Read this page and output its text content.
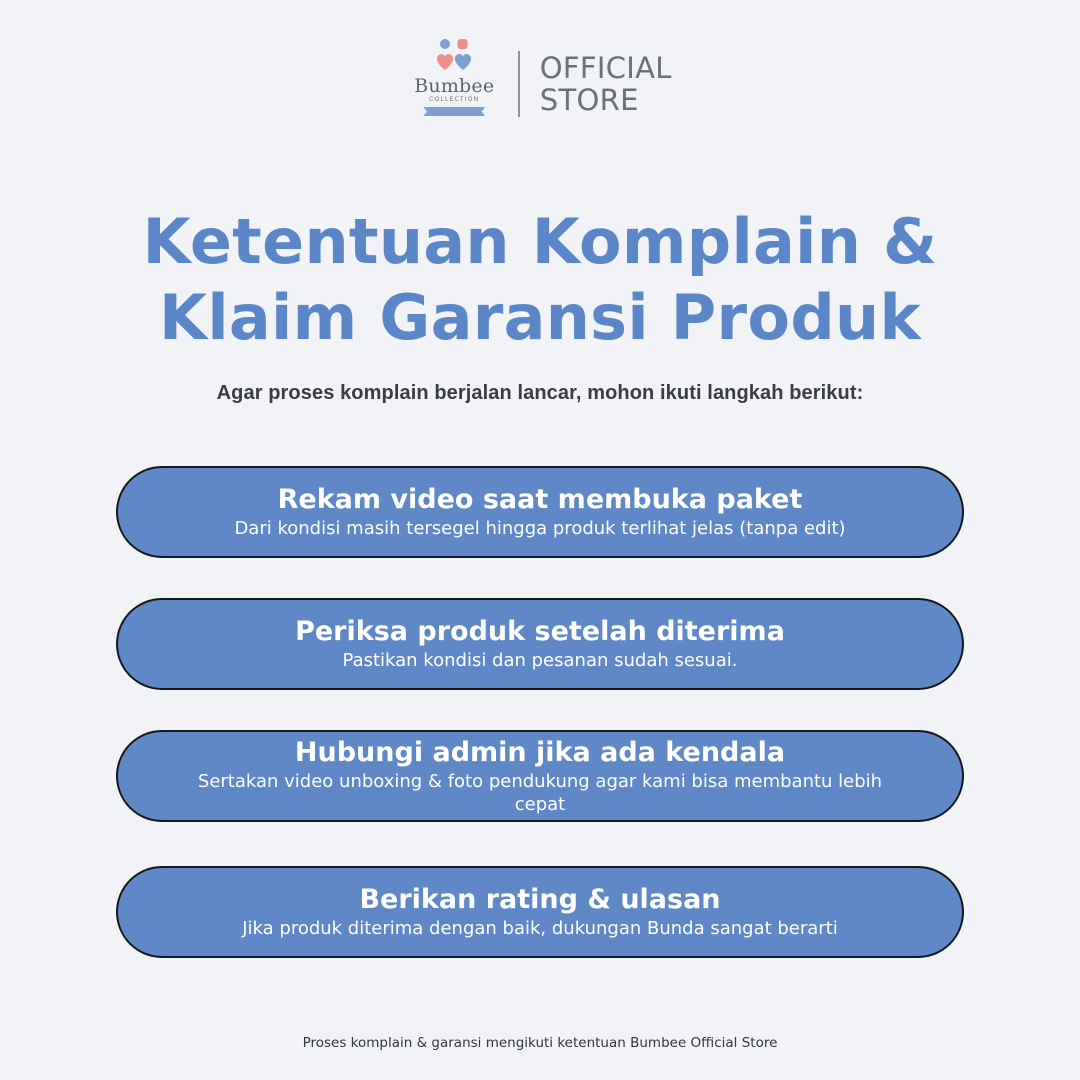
Bumbee
COLLECTION
OFFICIAL
STORE
Ketentuan Komplain &
Klaim Garansi Produk

Agar proses komplain berjalan lancar, mohon ikuti langkah berikut:

Rekam video saat membuka paket
Dari kondisi masih tersegel hingga produk terlihat jelas (tanpa edit)
Periksa produk setelah diterima
Pastikan kondisi dan pesanan sudah sesuai.
Hubungi admin jika ada kendala
Sertakan video unboxing & foto pendukung agar kami bisa membantu lebih cepat
Berikan rating & ulasan
Jika produk diterima dengan baik, dukungan Bunda sangat berarti

Proses komplain & garansi mengikuti ketentuan Bumbee Official Store
